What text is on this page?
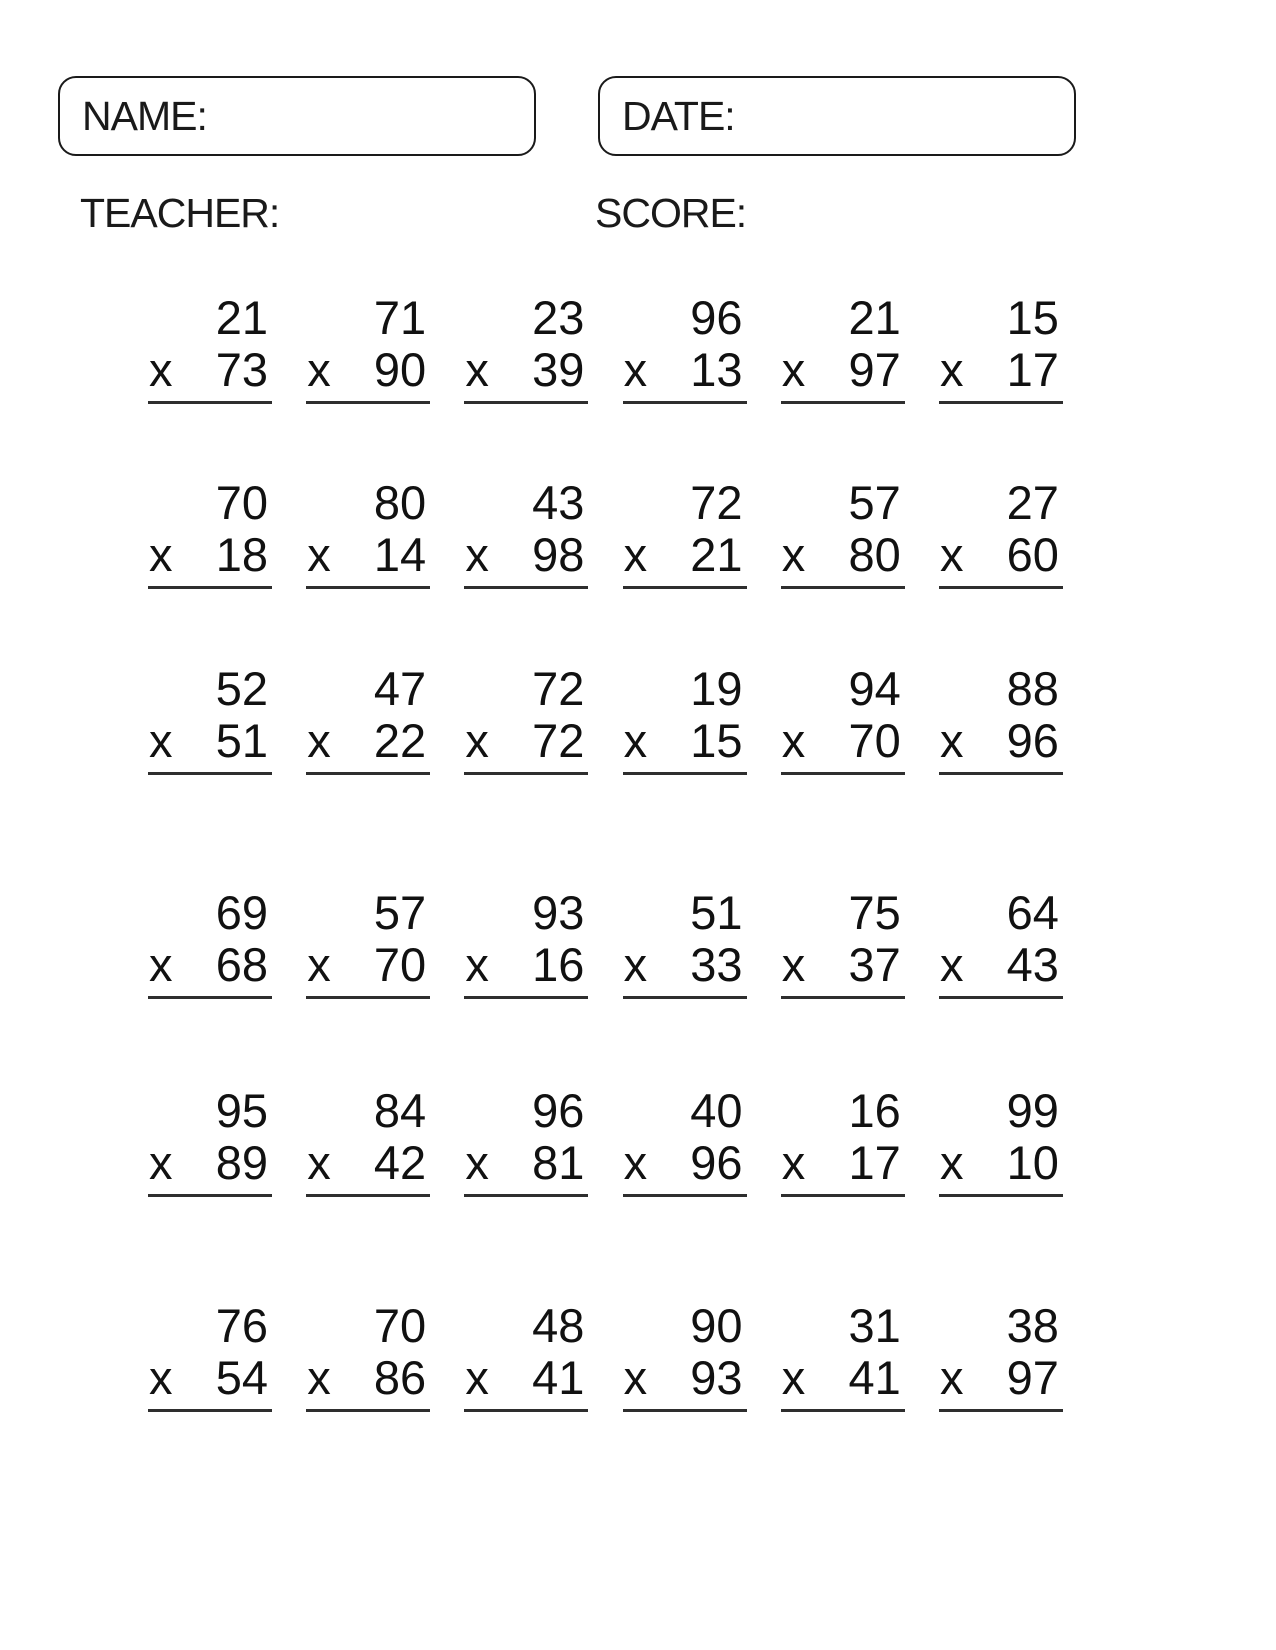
NAME:	DATE:
TEACHER:	SCORE:
21
x 73
71
x 90
23
x 39
96
x 13
21
x 97
15
x 17
70
x 18
80
x 14
43
x 98
72
x 21
57
x 80
27
x 60
52
x 51
47
x 22
72
x 72
19
x 15
94
x 70
88
x 96
69
x 68
57
x 70
93
x 16
51
x 33
75
x 37
64
x 43
95
x 89
84
x 42
96
x 81
40
x 96
16
x 17
99
x 10
76
x 54
70
x 86
48
x 41
90
x 93
31
x 41
38
x 97
